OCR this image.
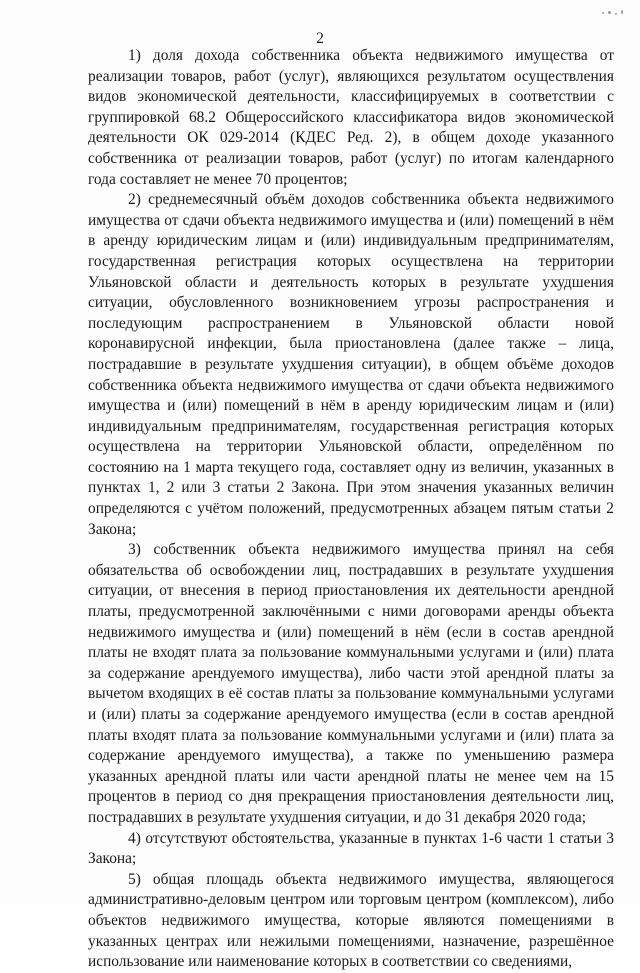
2

1) доля дохода собственника объекта недвижимого имущества от реализации товаров, работ (услуг), являющихся результатом осуществления видов экономической деятельности, классифицируемых в соответствии с группировкой 68.2 Общероссийского классификатора видов экономической деятельности ОК 029-2014 (КДЕС Ред. 2), в общем доходе указанного собственника от реализации товаров, работ (услуг) по итогам календарного года составляет не менее 70 процентов;

2) среднемесячный объём доходов собственника объекта недвижимого имущества от сдачи объекта недвижимого имущества и (или) помещений в нём в аренду юридическим лицам и (или) индивидуальным предпринимателям, государственная регистрация которых осуществлена на территории Ульяновской области и деятельность которых в результате ухудшения ситуации, обусловленного возникновением угрозы распространения и последующим распространением в Ульяновской области новой коронавирусной инфекции, была приостановлена (далее также – лица, пострадавшие в результате ухудшения ситуации), в общем объёме доходов собственника объекта недвижимого имущества от сдачи объекта недвижимого имущества и (или) помещений в нём в аренду юридическим лицам и (или) индивидуальным предпринимателям, государственная регистрация которых осуществлена на территории Ульяновской области, определённом по состоянию на 1 марта текущего года, составляет одну из величин, указанных в пунктах 1, 2 или 3 статьи 2 Закона. При этом значения указанных величин определяются с учётом положений, предусмотренных абзацем пятым статьи 2 Закона;

3) собственник объекта недвижимого имущества принял на себя обязательства об освобождении лиц, пострадавших в результате ухудшения ситуации, от внесения в период приостановления их деятельности арендной платы, предусмотренной заключёнными с ними договорами аренды объекта недвижимого имущества и (или) помещений в нём (если в состав арендной платы не входят плата за пользование коммунальными услугами и (или) плата за содержание арендуемого имущества), либо части этой арендной платы за вычетом входящих в её состав платы за пользование коммунальными услугами и (или) платы за содержание арендуемого имущества (если в состав арендной платы входят плата за пользование коммунальными услугами и (или) плата за содержание арендуемого имущества), а также по уменьшению размера указанных арендной платы или части арендной платы не менее чем на 15 процентов в период со дня прекращения приостановления деятельности лиц, пострадавших в результате ухудшения ситуации, и до 31 декабря 2020 года;

4) отсутствуют обстоятельства, указанные в пунктах 1-6 части 1 статьи 3 Закона;

5) общая площадь объекта недвижимого имущества, являющегося административно-деловым центром или торговым центром (комплексом), либо объектов недвижимого имущества, которые являются помещениями в указанных центрах или нежилыми помещениями, назначение, разрешённое использование или наименование которых в соответствии со сведениями,
